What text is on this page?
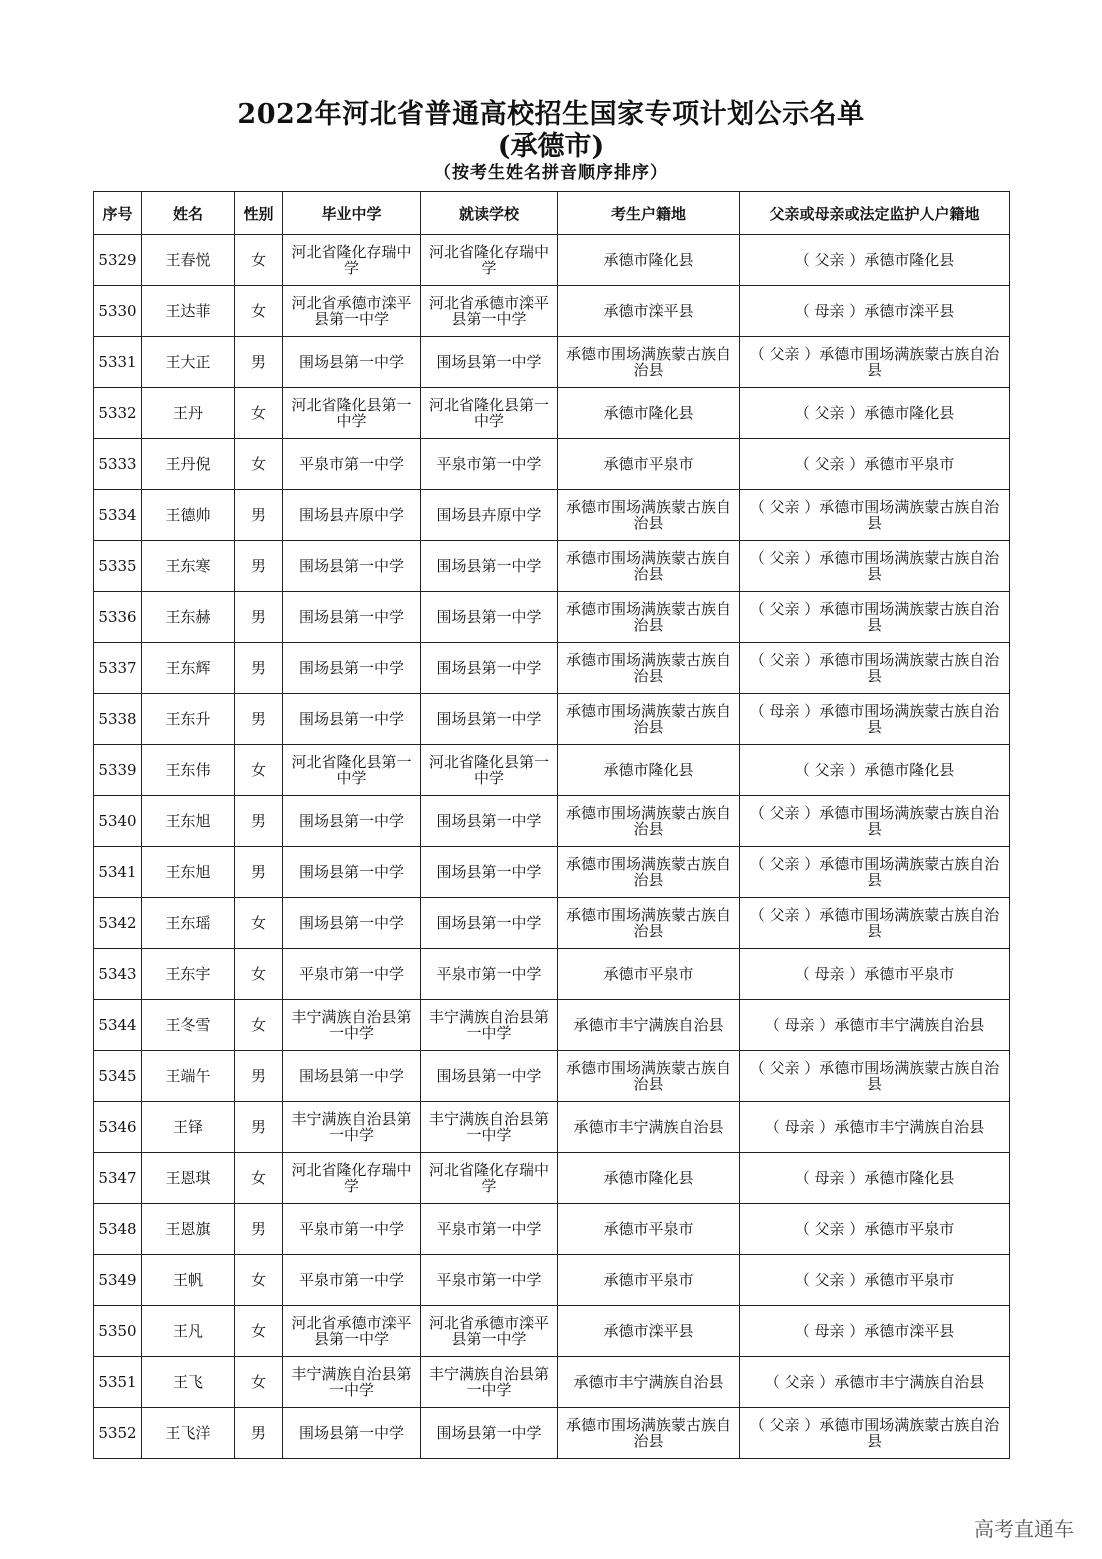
2022年河北省普通高校招生国家专项计划公示名单
(承德市)
（按考生姓名拼音顺序排序）
序号	姓名	性别	毕业中学	就读学校	考生户籍地	父亲或母亲或法定监护人户籍地
5329	王春悦	女	河北省隆化存瑞中学	河北省隆化存瑞中学	承德市隆化县	（ 父亲 ）承德市隆化县
5330	王达菲	女	河北省承德市滦平县第一中学	河北省承德市滦平县第一中学	承德市滦平县	（ 母亲 ）承德市滦平县
5331	王大正	男	围场县第一中学	围场县第一中学	承德市围场满族蒙古族自治县	（ 父亲 ）承德市围场满族蒙古族自治县
5332	王丹	女	河北省隆化县第一中学	河北省隆化县第一中学	承德市隆化县	（ 父亲 ）承德市隆化县
5333	王丹倪	女	平泉市第一中学	平泉市第一中学	承德市平泉市	（ 父亲 ）承德市平泉市
5334	王德帅	男	围场县卉原中学	围场县卉原中学	承德市围场满族蒙古族自治县	（ 父亲 ）承德市围场满族蒙古族自治县
5335	王东寒	男	围场县第一中学	围场县第一中学	承德市围场满族蒙古族自治县	（ 父亲 ）承德市围场满族蒙古族自治县
5336	王东赫	男	围场县第一中学	围场县第一中学	承德市围场满族蒙古族自治县	（ 父亲 ）承德市围场满族蒙古族自治县
5337	王东辉	男	围场县第一中学	围场县第一中学	承德市围场满族蒙古族自治县	（ 父亲 ）承德市围场满族蒙古族自治县
5338	王东升	男	围场县第一中学	围场县第一中学	承德市围场满族蒙古族自治县	（ 母亲 ）承德市围场满族蒙古族自治县
5339	王东伟	女	河北省隆化县第一中学	河北省隆化县第一中学	承德市隆化县	（ 父亲 ）承德市隆化县
5340	王东旭	男	围场县第一中学	围场县第一中学	承德市围场满族蒙古族自治县	（ 父亲 ）承德市围场满族蒙古族自治县
5341	王东旭	男	围场县第一中学	围场县第一中学	承德市围场满族蒙古族自治县	（ 父亲 ）承德市围场满族蒙古族自治县
5342	王东瑶	女	围场县第一中学	围场县第一中学	承德市围场满族蒙古族自治县	（ 父亲 ）承德市围场满族蒙古族自治县
5343	王东宇	女	平泉市第一中学	平泉市第一中学	承德市平泉市	（ 母亲 ）承德市平泉市
5344	王冬雪	女	丰宁满族自治县第一中学	丰宁满族自治县第一中学	承德市丰宁满族自治县	（ 母亲 ）承德市丰宁满族自治县
5345	王端午	男	围场县第一中学	围场县第一中学	承德市围场满族蒙古族自治县	（ 父亲 ）承德市围场满族蒙古族自治县
5346	王铎	男	丰宁满族自治县第一中学	丰宁满族自治县第一中学	承德市丰宁满族自治县	（ 母亲 ）承德市丰宁满族自治县
5347	王恩琪	女	河北省隆化存瑞中学	河北省隆化存瑞中学	承德市隆化县	（ 母亲 ）承德市隆化县
5348	王恩旗	男	平泉市第一中学	平泉市第一中学	承德市平泉市	（ 父亲 ）承德市平泉市
5349	王帆	女	平泉市第一中学	平泉市第一中学	承德市平泉市	（ 父亲 ）承德市平泉市
5350	王凡	女	河北省承德市滦平县第一中学	河北省承德市滦平县第一中学	承德市滦平县	（ 母亲 ）承德市滦平县
5351	王飞	女	丰宁满族自治县第一中学	丰宁满族自治县第一中学	承德市丰宁满族自治县	（ 父亲 ）承德市丰宁满族自治县
5352	王飞洋	男	围场县第一中学	围场县第一中学	承德市围场满族蒙古族自治县	（ 父亲 ）承德市围场满族蒙古族自治县
高考直通车
